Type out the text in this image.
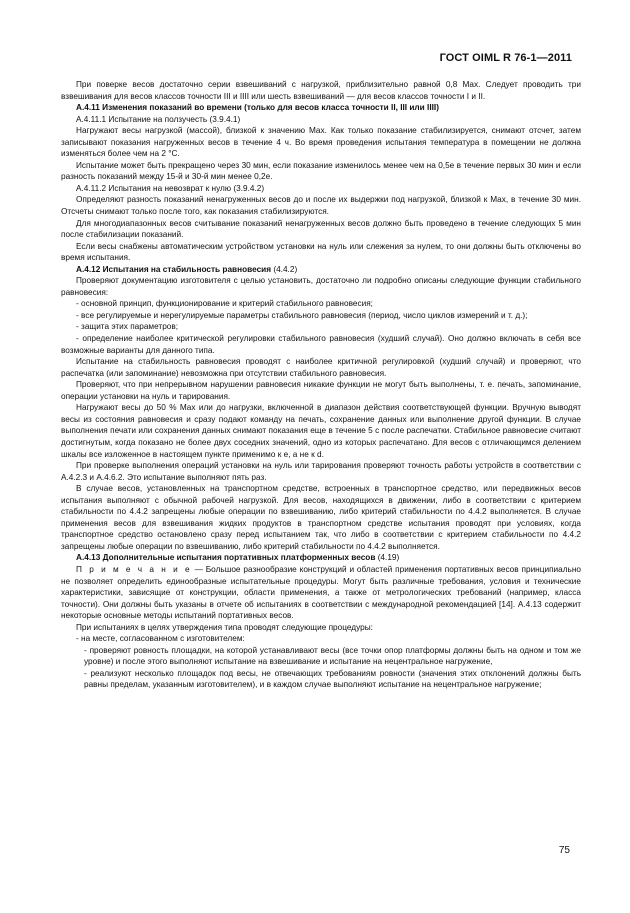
ГОСТ OIML R 76-1—2011

При поверке весов достаточно серии взвешиваний с нагрузкой, приблизительно равной 0,8 Max. Следует проводить три взвешивания для весов классов точности III и IIII или шесть взвешиваний — для весов классов точности I и II.

А.4.11 Изменения показаний во времени (только для весов класса точности II, III или IIII)

А.4.11.1 Испытание на ползучесть (3.9.4.1)

Нагружают весы нагрузкой (массой), близкой к значению Max. Как только показание стабилизируется, снимают отсчет, затем записывают показания нагруженных весов в течение 4 ч. Во время проведения испытания температура в помещении не должна изменяться более чем на 2 °С.

Испытание может быть прекращено через 30 мин, если показание изменилось менее чем на 0,5е в течение первых 30 мин и если разность показаний между 15-й и 30-й мин менее 0,2е.

А.4.11.2 Испытания на невозврат к нулю (3.9.4.2)

Определяют разность показаний ненагруженных весов до и после их выдержки под нагрузкой, близкой к Max, в течение 30 мин. Отсчеты снимают только после того, как показания стабилизируются.

Для многодиапазонных весов считывание показаний ненагруженных весов должно быть проведено в течение следующих 5 мин после стабилизации показаний.

Если весы снабжены автоматическим устройством установки на нуль или слежения за нулем, то они должны быть отключены во время испытания.

А.4.12 Испытания на стабильность равновесия (4.4.2)

Проверяют документацию изготовителя с целью установить, достаточно ли подробно описаны следующие функции стабильного равновесия:

- основной принцип, функционирование и критерий стабильного равновесия;

- все регулируемые и нерегулируемые параметры стабильного равновесия (период, число циклов измерений и т. д.);

- защита этих параметров;

- определение наиболее критической регулировки стабильного равновесия (худший случай). Оно должно включать в себя все возможные варианты для данного типа.

Испытание на стабильность равновесия проводят с наиболее критичной регулировкой (худший случай) и проверяют, что распечатка (или запоминание) невозможна при отсутствии стабильного равновесия.

Проверяют, что при непрерывном нарушении равновесия никакие функции не могут быть выполнены, т. е. печать, запоминание, операции установки на нуль и тарирования.

Нагружают весы до 50 % Max или до нагрузки, включенной в диапазон действия соответствующей функции. Вручную выводят весы из состояния равновесия и сразу подают команду на печать, сохранение данных или выполнение другой функции. В случае выполнения печати или сохранения данных снимают показания еще в течение 5 с после распечатки. Стабильное равновесие считают достигнутым, когда показано не более двух соседних значений, одно из которых распечатано. Для весов с отличающимся делением шкалы все изложенное в настоящем пункте применимо к е, а не к d.

При проверке выполнения операций установки на нуль или тарирования проверяют точность работы устройств в соответствии с А.4.2.3 и А.4.6.2. Это испытание выполняют пять раз.

В случае весов, установленных на транспортном средстве, встроенных в транспортное средство, или передвижных весов испытания выполняют с обычной рабочей нагрузкой. Для весов, находящихся в движении, либо в соответствии с критерием стабильности по 4.4.2 запрещены любые операции по взвешиванию, либо критерий стабильности по 4.4.2 выполняется. В случае применения весов для взвешивания жидких продуктов в транспортном средстве испытания проводят при условиях, когда транспортное средство остановлено сразу перед испытанием так, что либо в соответствии с критерием стабильности по 4.4.2 запрещены любые операции по взвешиванию, либо критерий стабильности по 4.4.2 выполняется.

А.4.13 Дополнительные испытания портативных платформенных весов (4.19)

П р и м е ч а н и е — Большое разнообразие конструкций и областей применения портативных весов принципиально не позволяет определить единообразные испытательные процедуры. Могут быть различные требования, условия и технические характеристики, зависящие от конструкции, области применения, а также от метрологических требований (например, класса точности). Они должны быть указаны в отчете об испытаниях в соответствии с международной рекомендацией [14]. А.4.13 содержит некоторые основные методы испытаний портативных весов.

При испытаниях в целях утверждения типа проводят следующие процедуры:

- на месте, согласованном с изготовителем:

- проверяют ровность площадки, на которой устанавливают весы (все точки опор платформы должны быть на одном и том же уровне) и после этого выполняют испытание на взвешивание и испытание на нецентральное нагружение,

- реализуют несколько площадок под весы, не отвечающих требованиям ровности (значения этих отклонений должны быть равны пределам, указанным изготовителем), и в каждом случае выполняют испытание на нецентральное нагружение;

75
